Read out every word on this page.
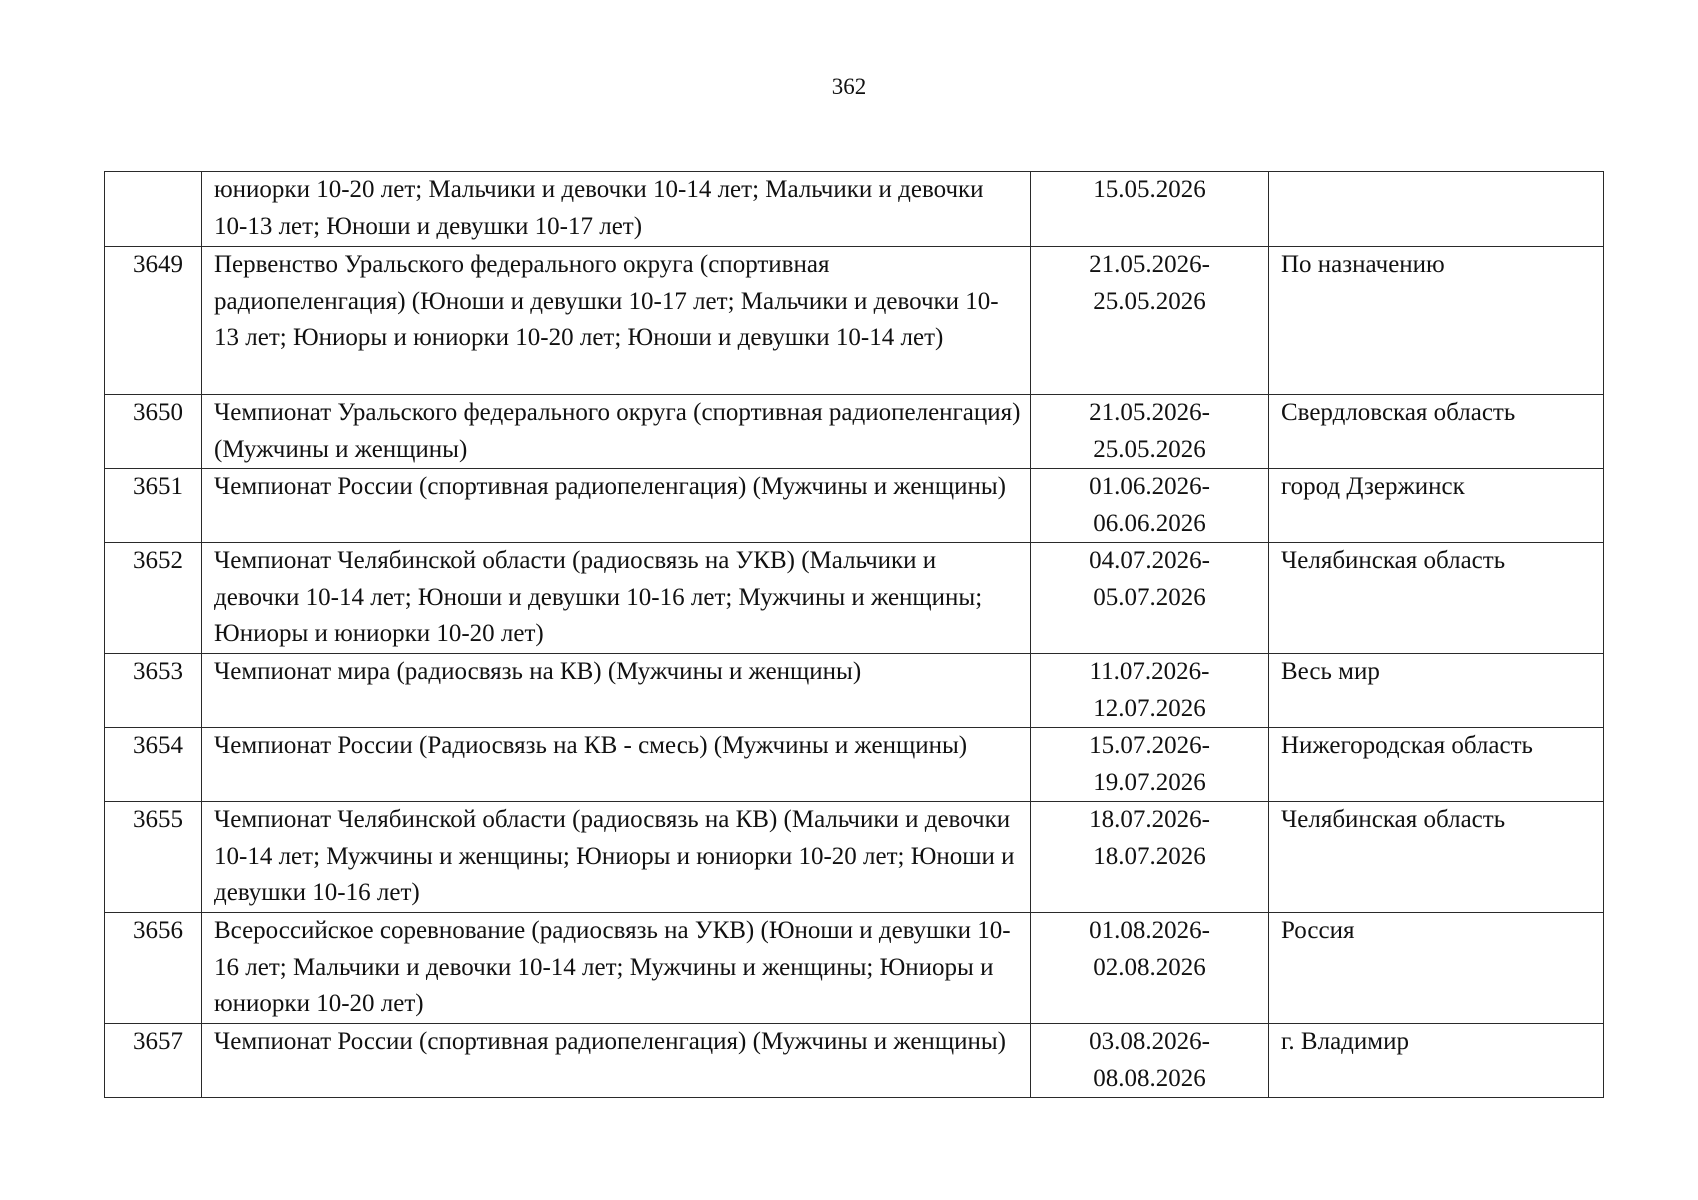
362
	юниорки 10-20 лет; Мальчики и девочки 10-14 лет; Мальчики и девочки 10-13 лет; Юноши и девушки 10-17 лет)	15.05.2026	
3649	Первенство Уральского федерального округа (спортивная радиопеленгация) (Юноши и девушки 10-17 лет; Мальчики и девочки 10-13 лет; Юниоры и юниорки 10-20 лет; Юноши и девушки 10-14 лет)	21.05.2026-25.05.2026	По назначению
3650	Чемпионат Уральского федерального округа (спортивная радиопеленгация) (Мужчины и женщины)	21.05.2026-25.05.2026	Свердловская область
3651	Чемпионат России (спортивная радиопеленгация) (Мужчины и женщины)	01.06.2026-06.06.2026	город Дзержинск
3652	Чемпионат Челябинской области (радиосвязь на УКВ) (Мальчики и девочки 10-14 лет; Юноши и девушки 10-16 лет; Мужчины и женщины; Юниоры и юниорки 10-20 лет)	04.07.2026-05.07.2026	Челябинская область
3653	Чемпионат мира (радиосвязь на КВ) (Мужчины и женщины)	11.07.2026-12.07.2026	Весь мир
3654	Чемпионат России (Радиосвязь на КВ - смесь) (Мужчины и женщины)	15.07.2026-19.07.2026	Нижегородская область
3655	Чемпионат Челябинской области (радиосвязь на КВ) (Мальчики и девочки 10-14 лет; Мужчины и женщины; Юниоры и юниорки 10-20 лет; Юноши и девушки 10-16 лет)	18.07.2026-18.07.2026	Челябинская область
3656	Всероссийское соревнование (радиосвязь на УКВ) (Юноши и девушки 10-16 лет; Мальчики и девочки 10-14 лет; Мужчины и женщины; Юниоры и юниорки 10-20 лет)	01.08.2026-02.08.2026	Россия
3657	Чемпионат России (спортивная радиопеленгация) (Мужчины и женщины)	03.08.2026-08.08.2026	г. Владимир
